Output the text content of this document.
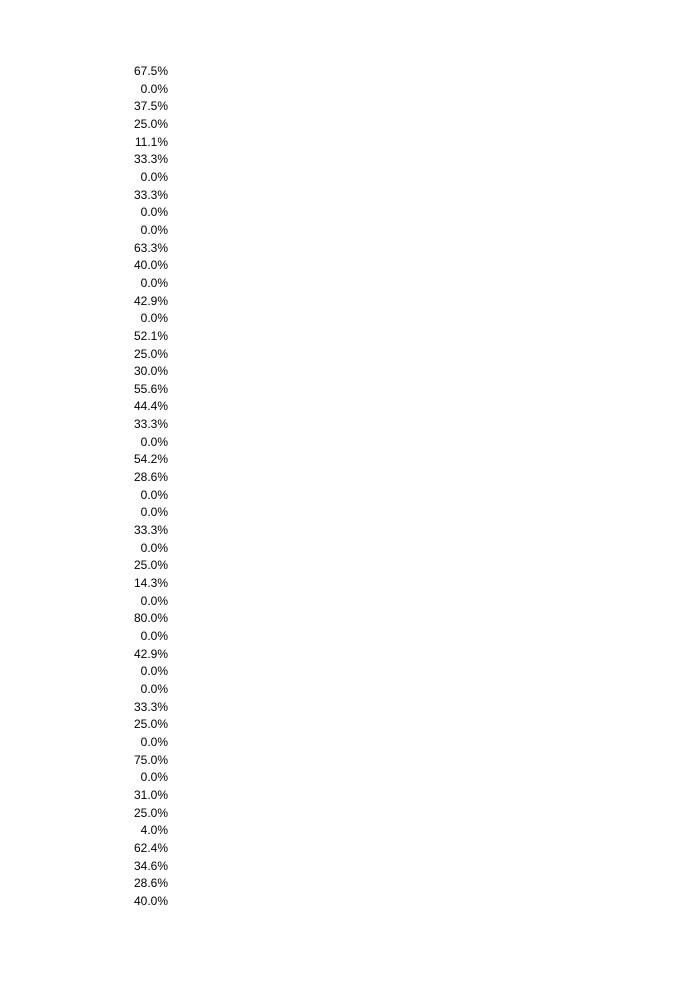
67.5%
0.0%
37.5%
25.0%
11.1%
33.3%
0.0%
33.3%
0.0%
0.0%
63.3%
40.0%
0.0%
42.9%
0.0%
52.1%
25.0%
30.0%
55.6%
44.4%
33.3%
0.0%
54.2%
28.6%
0.0%
0.0%
33.3%
0.0%
25.0%
14.3%
0.0%
80.0%
0.0%
42.9%
0.0%
0.0%
33.3%
25.0%
0.0%
75.0%
0.0%
31.0%
25.0%
4.0%
62.4%
34.6%
28.6%
40.0%
